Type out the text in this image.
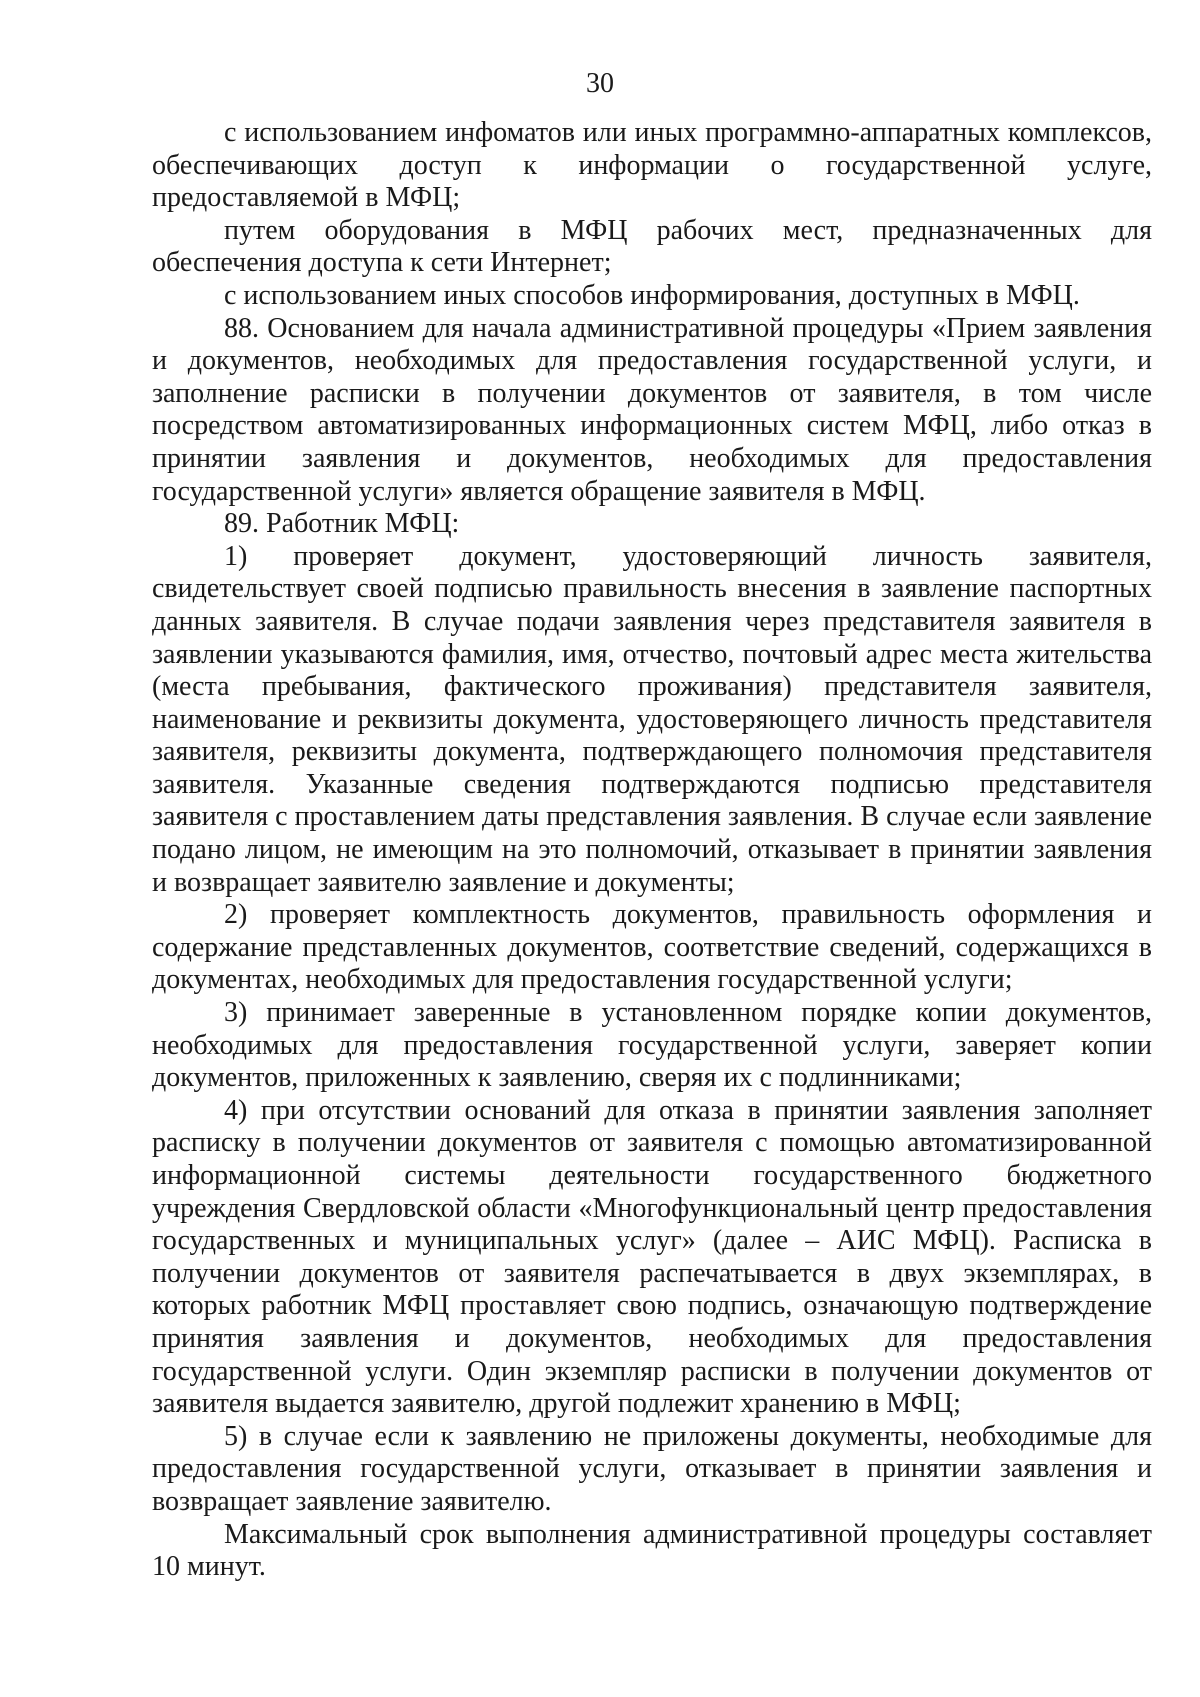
30

с использованием инфоматов или иных программно-аппаратных комплексов, обеспечивающих доступ к информации о государственной услуге, предоставляемой в МФЦ;

путем оборудования в МФЦ рабочих мест, предназначенных для обеспечения доступа к сети Интернет;

с использованием иных способов информирования, доступных в МФЦ.

88. Основанием для начала административной процедуры «Прием заявления и документов, необходимых для предоставления государственной услуги, и заполнение расписки в получении документов от заявителя, в том числе посредством автоматизированных информационных систем МФЦ, либо отказ в принятии заявления и документов, необходимых для предоставления государственной услуги» является обращение заявителя в МФЦ.

89. Работник МФЦ:

1) проверяет документ, удостоверяющий личность заявителя, свидетельствует своей подписью правильность внесения в заявление паспортных данных заявителя. В случае подачи заявления через представителя заявителя в заявлении указываются фамилия, имя, отчество, почтовый адрес места жительства (места пребывания, фактического проживания) представителя заявителя, наименование и реквизиты документа, удостоверяющего личность представителя заявителя, реквизиты документа, подтверждающего полномочия представителя заявителя. Указанные сведения подтверждаются подписью представителя заявителя с проставлением даты представления заявления. В случае если заявление подано лицом, не имеющим на это полномочий, отказывает в принятии заявления и возвращает заявителю заявление и документы;

2) проверяет комплектность документов, правильность оформления и содержание представленных документов, соответствие сведений, содержащихся в документах, необходимых для предоставления государственной услуги;

3) принимает заверенные в установленном порядке копии документов, необходимых для предоставления государственной услуги, заверяет копии документов, приложенных к заявлению, сверяя их с подлинниками;

4) при отсутствии оснований для отказа в принятии заявления заполняет расписку в получении документов от заявителя с помощью автоматизированной информационной системы деятельности государственного бюджетного учреждения Свердловской области «Многофункциональный центр предоставления государственных и муниципальных услуг» (далее – АИС МФЦ). Расписка в получении документов от заявителя распечатывается в двух экземплярах, в которых работник МФЦ проставляет свою подпись, означающую подтверждение принятия заявления и документов, необходимых для предоставления государственной услуги. Один экземпляр расписки в получении документов от заявителя выдается заявителю, другой подлежит хранению в МФЦ;

5) в случае если к заявлению не приложены документы, необходимые для предоставления государственной услуги, отказывает в принятии заявления и возвращает заявление заявителю.

Максимальный срок выполнения административной процедуры составляет 10 минут.
